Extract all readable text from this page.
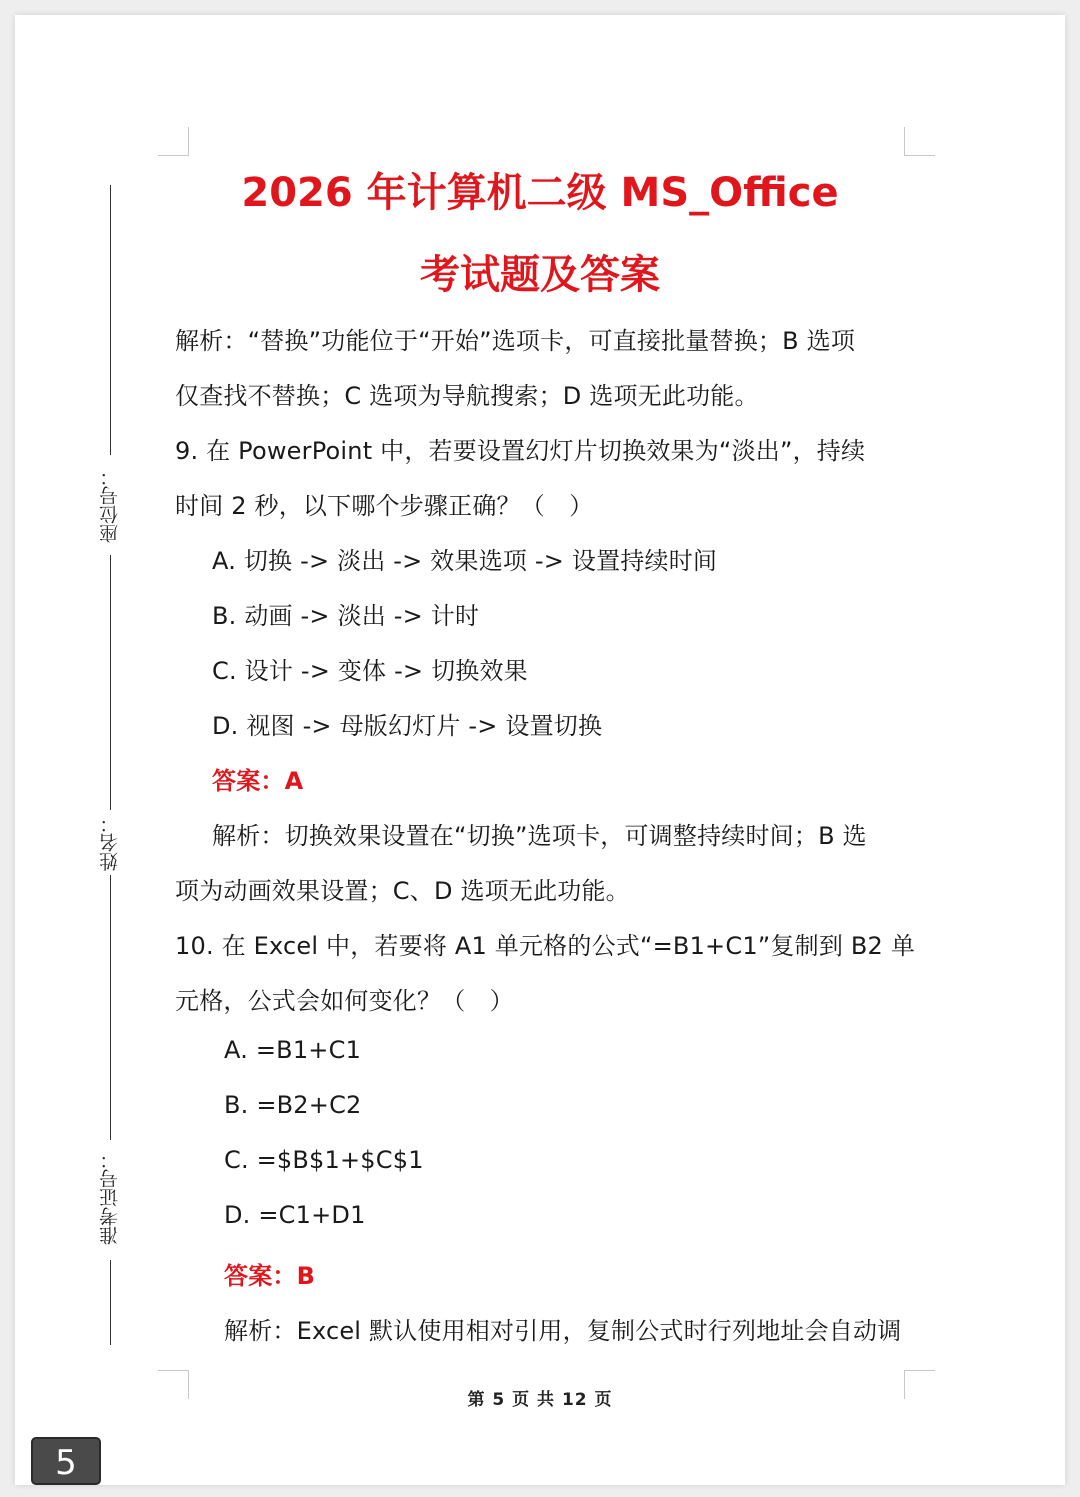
座位号：
姓名：
准考证号：
2026 年计算机二级 MS_Office
考试题及答案
解析：“替换”功能位于“开始”选项卡，可直接批量替换；B 选项
仅查找不替换；C 选项为导航搜索；D 选项无此功能。
9. 在 PowerPoint 中，若要设置幻灯片切换效果为“淡出”，持续
时间 2 秒，以下哪个步骤正确？（　）
A. 切换 -> 淡出 -> 效果选项 -> 设置持续时间
B. 动画 -> 淡出 -> 计时
C. 设计 -> 变体 -> 切换效果
D. 视图 -> 母版幻灯片 -> 设置切换
答案：A
解析：切换效果设置在“切换”选项卡，可调整持续时间；B 选
项为动画效果设置；C、D 选项无此功能。
10. 在 Excel 中，若要将 A1 单元格的公式“=B1+C1”复制到 B2 单
元格，公式会如何变化？（　）
A. =B1+C1
B. =B2+C2
C. =$B$1+$C$1
D. =C1+D1
答案：B
解析：Excel 默认使用相对引用，复制公式时行列地址会自动调
第 5 页 共 12 页
5
